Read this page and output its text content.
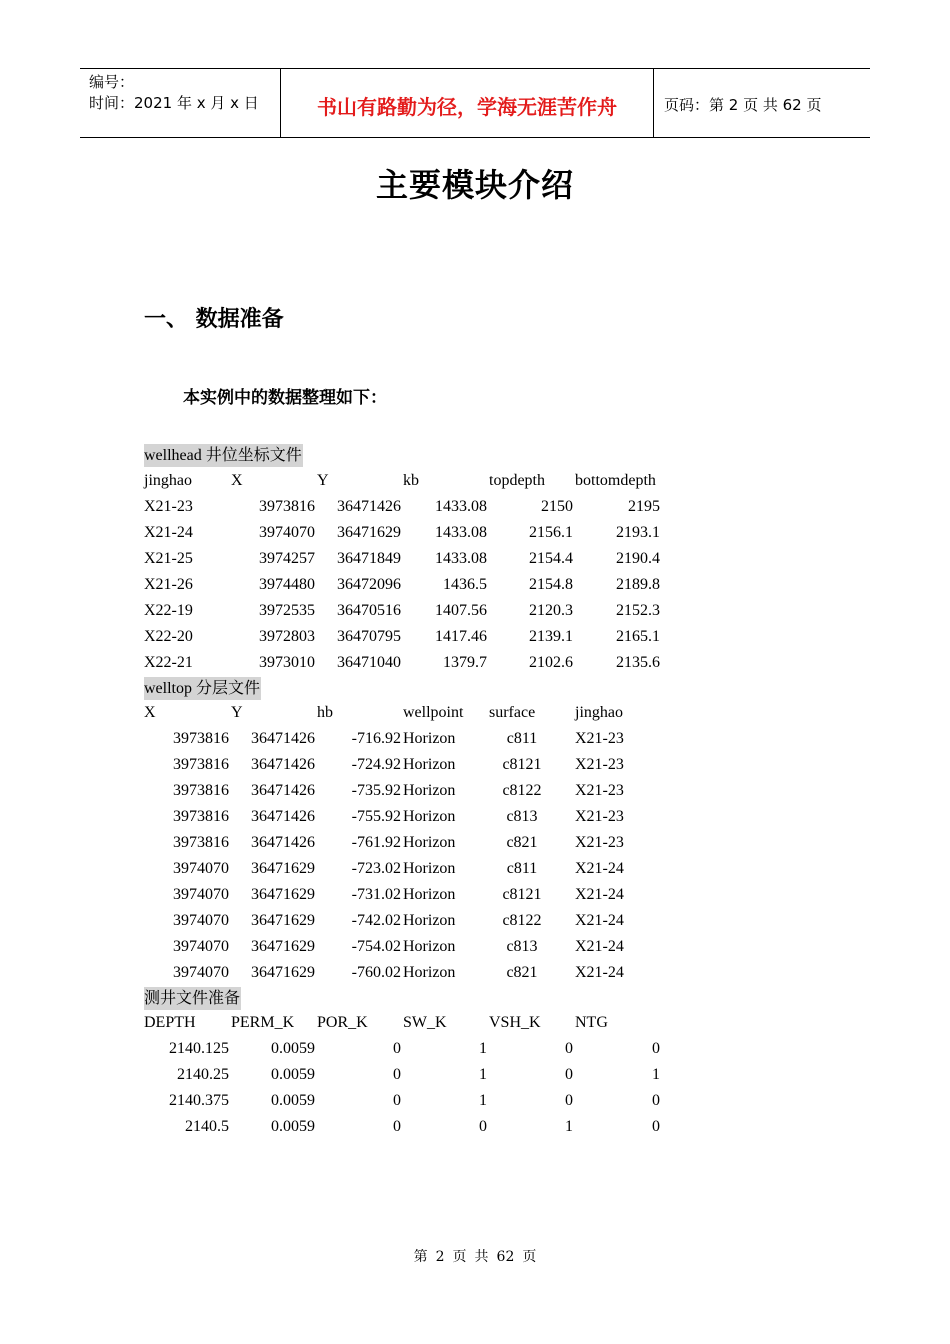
编号：
时间：2021 年 x 月 x 日	书山有路勤为径，学海无涯苦作舟	页码：第 2 页 共 62 页
主要模块介绍
一、 数据准备
本实例中的数据整理如下：
wellhead 井位坐标文件
jinghao X	Y	kb	topdepth bottomdepth
X21-23	3973816 36471426 1433.08	2150	2195
X21-24	3974070 36471629 1433.08	2156.1	2193.1
X21-25	3974257 36471849 1433.08	2154.4	2190.4
X21-26	3974480 36472096	1436.5	2154.8	2189.8
X22-19	3972535 36470516 1407.56	2120.3	2152.3
X22-20	3972803 36470795 1417.46	2139.1	2165.1
X22-21	3973010 36471040	1379.7	2102.6	2135.6
welltop 分层文件
X	Y	hb	wellpoint surface jinghao
3973816 36471426 -716.92 Horizon	c811 X21-23
3973816 36471426 -724.92 Horizon	c8121 X21-23
3973816 36471426 -735.92 Horizon	c8122 X21-23
3973816 36471426 -755.92 Horizon	c813 X21-23
3973816 36471426 -761.92 Horizon	c821 X21-23
3974070 36471629 -723.02 Horizon	c811 X21-24
3974070 36471629 -731.02 Horizon	c8121 X21-24
3974070 36471629 -742.02 Horizon	c8122 X21-24
3974070 36471629 -754.02 Horizon	c813 X21-24
3974070 36471629 -760.02 Horizon	c821 X21-24
测井文件准备
DEPTH PERM_K POR_K SW_K	VSH_K NTG
2140.125	0.0059	0	1	0	0
2140.25	0.0059	0	1	0	1
2140.375	0.0059	0	1	0	0
2140.5	0.0059	0	0	1	0
第 2 页 共 62 页
